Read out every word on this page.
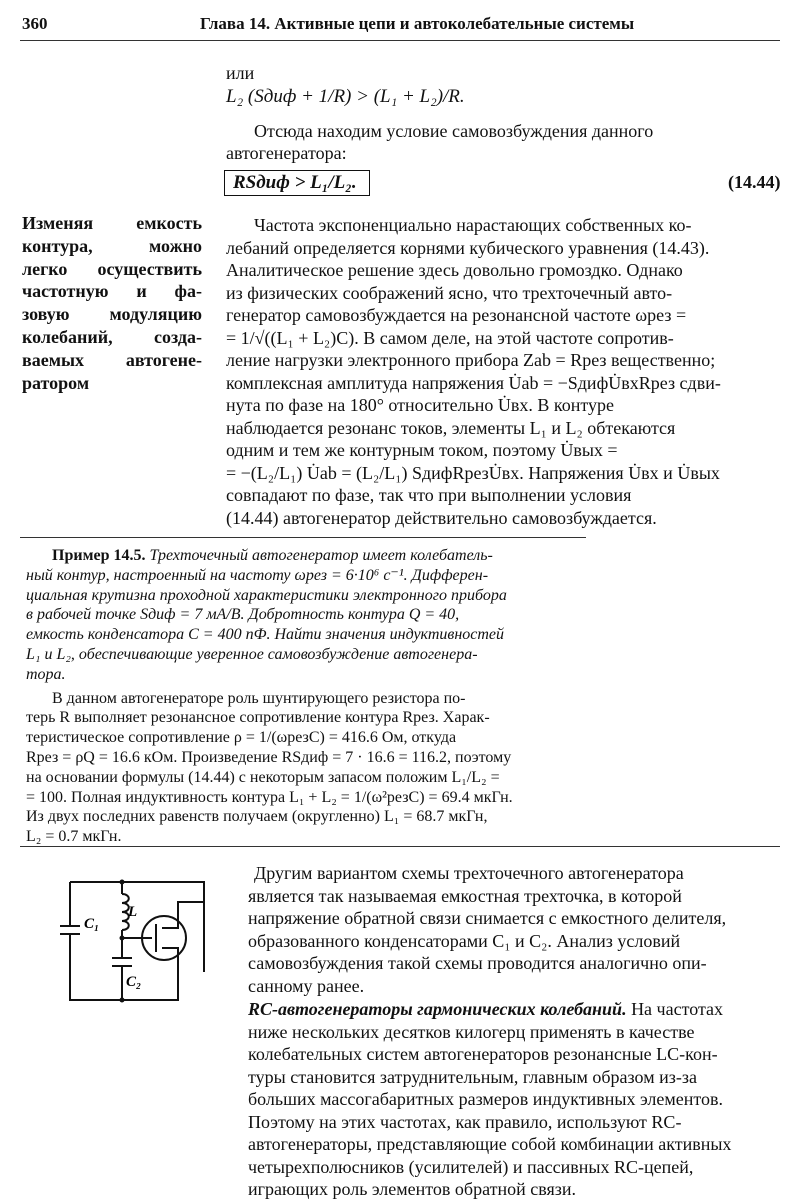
360	Глава 14. Активные цепи и автоколебательные системы
или
L₂ (Sдиф + 1/R) > (L₁ + L₂)/R.
Отсюда находим условие самовозбуждения данного
автогенератора:
RSдиф > L₁/L₂.	(14.44)
Изменяя емкость
контура, можно
легко осуществить
частотную и фа-
зовую модуляцию
колебаний, созда-
ваемых автогене-
ратором
Частота экспоненциально нарастающих собственных ко-
лебаний определяется корнями кубического уравнения (14.43).
Аналитическое решение здесь довольно громоздко. Однако
из физических соображений ясно, что трехточечный авто-
генератор самовозбуждается на резонансной частоте ωрез =
= 1/√((L₁ + L₂)C). В самом деле, на этой частоте сопротив-
ление нагрузки электронного прибора Zab = Rрез вещественно;
комплексная амплитуда напряжения U̇ab = −SдифU̇вхRрез сдви-
нута по фазе на 180° относительно U̇вх. В контуре
наблюдается резонанс токов, элементы L₁ и L₂ обтекаются
одним и тем же контурным током, поэтому U̇вых =
= −(L₂/L₁) U̇ab = (L₂/L₁) SдифRрезU̇вх. Напряжения U̇вх и U̇вых
совпадают по фазе, так что при выполнении условия
(14.44) автогенератор действительно самовозбуждается.
Пример 14.5. Трехточечный автогенератор имеет колебатель-
ный контур, настроенный на частоту ωрез = 6·10⁶ с⁻¹. Дифферен-
циальная крутизна проходной характеристики электронного прибора
в рабочей точке Sдиф = 7 мА/В. Добротность контура Q = 40,
емкость конденсатора C = 400 пФ. Найти значения индуктивностей
L₁ и L₂, обеспечивающие уверенное самовозбуждение автогенера-
тора.
В данном автогенераторе роль шунтирующего резистора по-
терь R выполняет резонансное сопротивление контура Rрез. Харак-
теристическое сопротивление ρ = 1/(ωрезC) = 416.6 Ом, откуда
Rрез = ρQ = 16.6 кОм. Произведение RSдиф = 7 · 16.6 = 116.2, поэтому
на основании формулы (14.44) с некоторым запасом положим L₁/L₂ =
= 100. Полная индуктивность контура L₁ + L₂ = 1/(ω²резC) = 69.4 мкГн.
Из двух последних равенств получаем (округленно) L₁ = 68.7 мкГн,
L₂ = 0.7 мкГн.
C₁
L
C₂
Другим вариантом схемы трехточечного автогенератора
является так называемая емкостная трехточка, в которой
напряжение обратной связи снимается с емкостного делителя,
образованного конденсаторами C₁ и C₂. Анализ условий
самовозбуждения такой схемы проводится аналогично опи-
санному ранее.
RC-автогенераторы гармонических колебаний. На частотах
ниже нескольких десятков килогерц применять в качестве
колебательных систем автогенераторов резонансные LC-кон-
туры становится затруднительным, главным образом из-за
больших массогабаритных размеров индуктивных элементов.
Поэтому на этих частотах, как правило, используют RC-
автогенераторы, представляющие собой комбинации активных
четырехполюсников (усилителей) и пассивных RC-цепей,
играющих роль элементов обратной связи.
